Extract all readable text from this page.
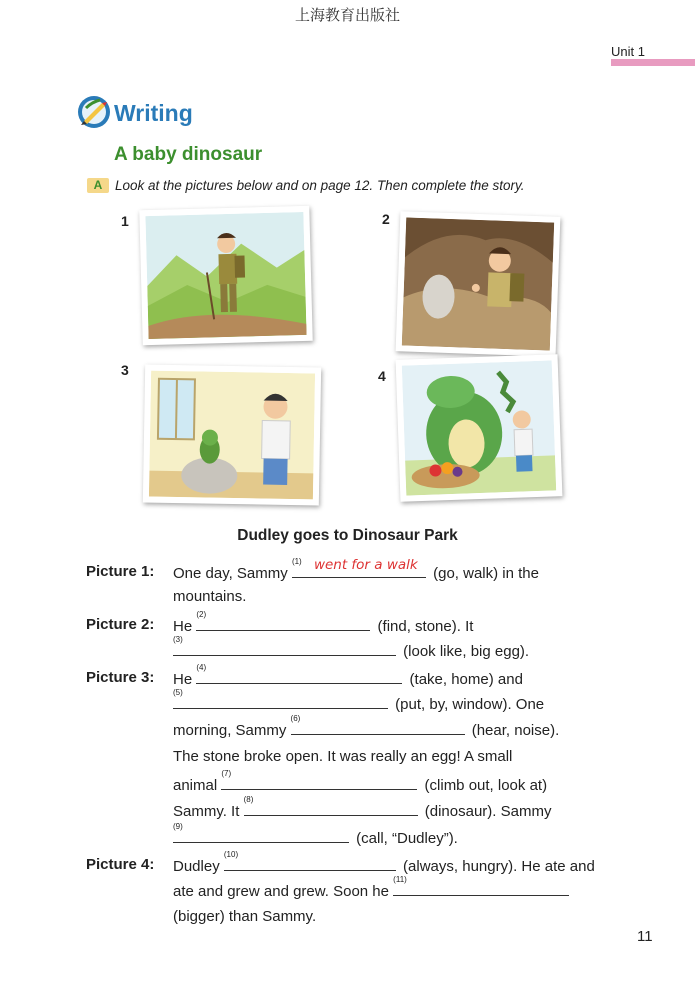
上海教育出版社
Unit 1
Writing
A baby dinosaur
A Look at the pictures below and on page 12. Then complete the story.
1	2
3	4
Dudley goes to Dinosaur Park
Picture 1: One day, Sammy
(1) went for a walk (go, walk) in the
mountains.
Picture 2: He
(2)
(find, stone). It
(3)
(look like, big egg).
Picture 3: He
(4)
(take, home) and
(5)
(put, by, window). One
morning, Sammy
(6)
(hear, noise).
The stone broke open. It was really an egg! A small
animal
(7)
(climb out, look at)
Sammy. It
(8)
(dinosaur). Sammy
(9)
(call, “Dudley”).
Picture 4: Dudley
(10)
(always, hungry). He ate and
ate and grew and grew. Soon he
(11)
(bigger) than Sammy.
11
